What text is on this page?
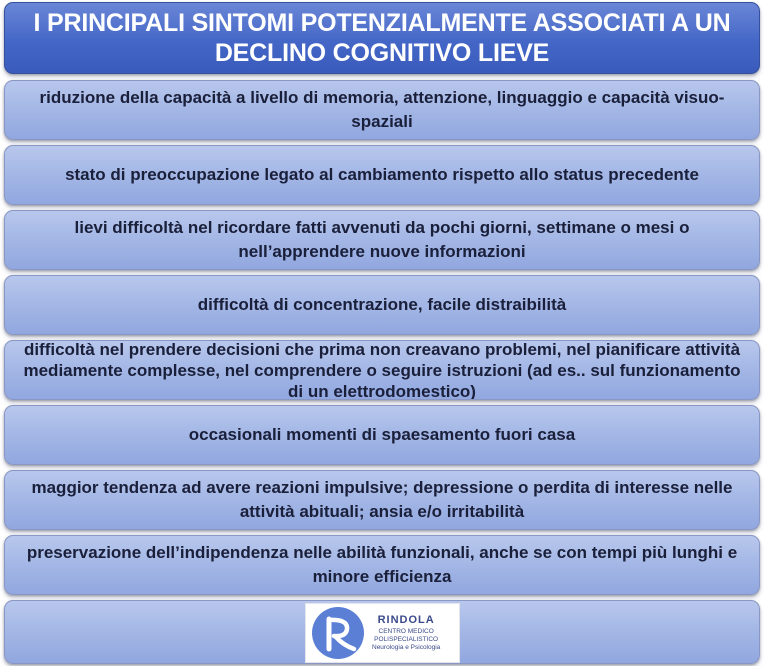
I PRINCIPALI SINTOMI POTENZIALMENTE ASSOCIATI A UN DECLINO COGNITIVO LIEVE
riduzione della capacità a livello di memoria, attenzione, linguaggio e capacità visuo-spaziali
stato di preoccupazione legato al cambiamento rispetto allo status precedente
lievi difficoltà nel ricordare fatti avvenuti da pochi giorni, settimane o mesi o nell’apprendere nuove informazioni
difficoltà di concentrazione, facile distraibilità
difficoltà nel prendere decisioni che prima non creavano problemi, nel pianificare attività mediamente complesse, nel comprendere o seguire istruzioni (ad es.. sul funzionamento di un elettrodomestico)
occasionali momenti di spaesamento fuori casa
maggior tendenza ad avere reazioni impulsive; depressione o perdita di interesse nelle attività abituali; ansia e/o irritabilità
preservazione dell’indipendenza nelle abilità funzionali, anche se con tempi più lunghi e minore efficienza
RINDOLA
CENTRO MEDICO
POLISPECIALISTICO
Neurologia e Psicologia
